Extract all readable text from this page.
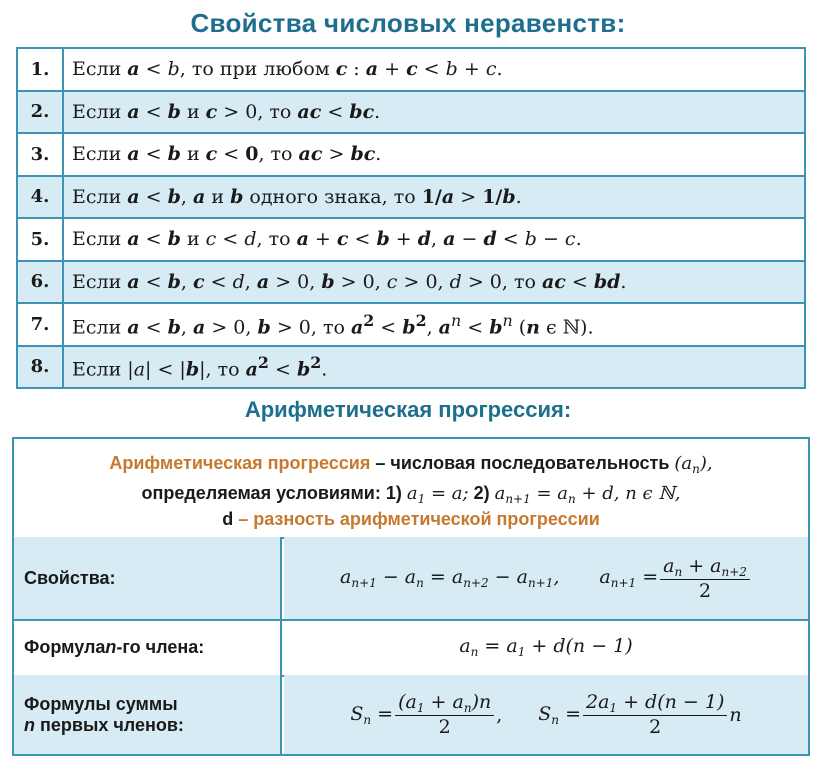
Свойства числовых неравенств:
1.	Если a < b, то при любом c : a + c < b + c.
2.	Если a < b и c > 0, то ac < bc.
3.	Если a < b и c < 0, то ac > bc.
4.	Если a < b, a и b одного знака, то 1/a > 1/b.
5.	Если a < b и c < d, то a + c < b + d, a − d < b − c.
6.	Если a < b, c < d, a > 0, b > 0, c > 0, d > 0, то ac < bd.
7.	Если a < b, a > 0, b > 0, то $a^2 < b^2$, $a^n < b^n$ (n ϵ ℕ).
8.	Если |a| < |b|, то $a^2 < b^2$.
Арифметическая прогрессия:
Арифметическая прогрессия – числовая последовательность $(a_n)$,
определяемая условиями: 1) $a_1 = a$; 2) $a_{n+1} = a_n + d$, n ϵ ℕ,
d – разность арифметической прогрессии
Свойства:	$a_{n+1} - a_n = a_{n+2} - a_{n+1}$, $a_{n+1} = \frac{a_n + a_{n+2}}{2}$
Формула n -го члена:	$a_n = a_1 + d(n - 1)$
Формулы суммы
n первых членов:	$S_n = \frac{(a_1 + a_n)n}{2}$ , $S_n = \frac{2a_1 + d(n - 1)}{2}$ n
